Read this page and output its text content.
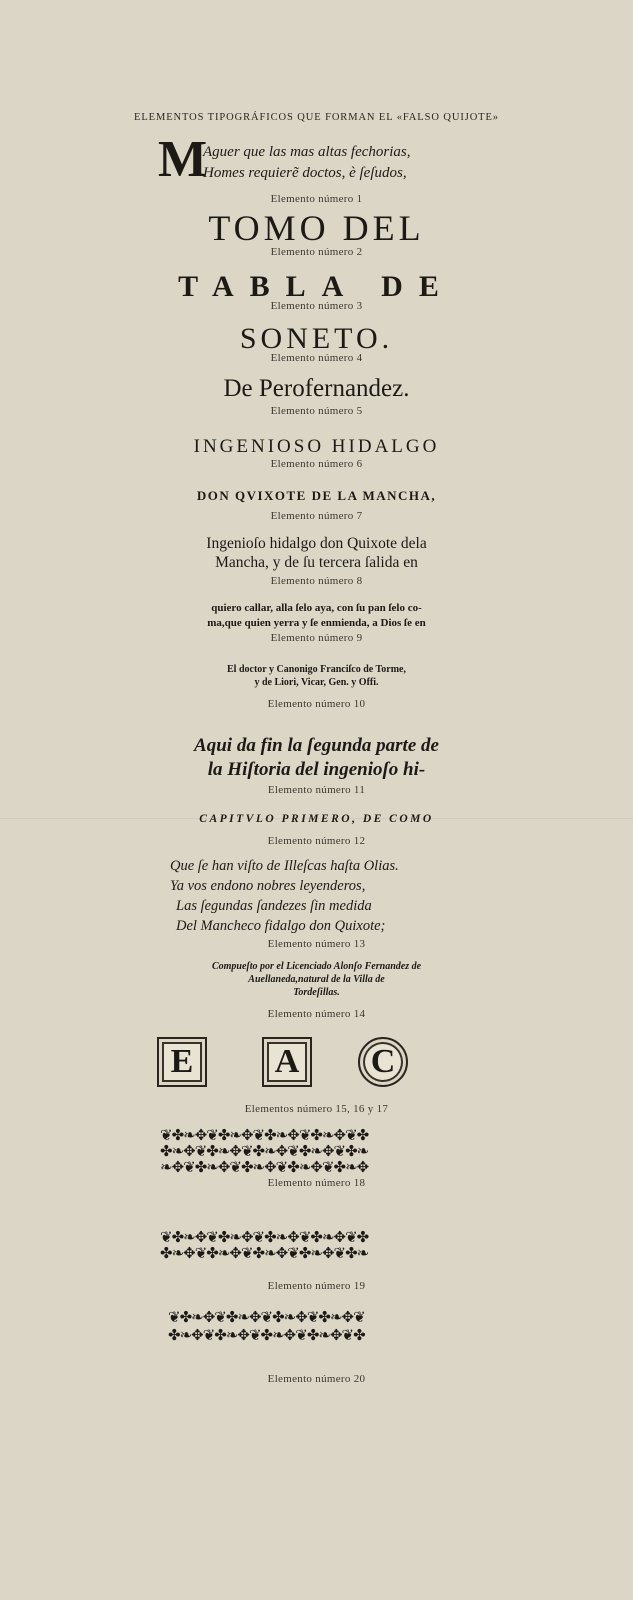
ELEMENTOS TIPOGRÁFICOS QUE FORMAN EL «FALSO QUIJOTE»
M
Aguer que las mas altas fechorias,
Homes requierẽ doctos, è ſeſudos,
Elemento número 1
TOMO DEL
Elemento número 2
TABLA DE
Elemento número 3
SONETO.
Elemento número 4
De Perofernandez.
Elemento número 5
INGENIOSO HIDALGO
Elemento número 6
DON QVIXOTE DE LA MANCHA,
Elemento número 7
Ingenioſo hidalgo don Quixote dela
Mancha, y de ſu tercera ſalida en
Elemento número 8
quiero callar, alla ſelo aya, con ſu pan ſelo co-
ma,que quien yerra y ſe enmienda, a Dios ſe en
Elemento número 9
El doctor y Canonigo Franciſco de Torme,
y de Liori, Vicar, Gen. y Offi.
Elemento número 10
Aqui da fin la ſegunda parte de
la Hiſtoria del ingenioſo hi-
Elemento número 11
CAPITVLO PRIMERO, DE COMO
Elemento número 12
Que ſe han viſto de Illeſcas haſta Olias.
Ya vos endono nobres leyenderos,
Las ſegundas ſandezes ſin medida
Del Mancheco fidalgo don Quixote;
Elemento número 13
Compueſto por el Licenciado Alonſo Fernandez de
Auellaneda,natural de la Villa de
Tordeſillas.
Elemento número 14
E	A	C
Elementos número 15, 16 y 17
❦✤❧✥❦✤❧✥❦✤❧✥❦✤❧✥❦✤
✤❧✥❦✤❧✥❦✤❧✥❦✤❧✥❦✤❧
❧✥❦✤❧✥❦✤❧✥❦✤❧✥❦✤❧✥
Elemento número 18
❦✤❧✥❦✤❧✥❦✤❧✥❦✤❧✥❦✤
✤❧✥❦✤❧✥❦✤❧✥❦✤❧✥❦✤❧
Elemento número 19
❦✤❧✥❦✤❧✥❦✤❧✥❦✤❧✥❦
✤❧✥❦✤❧✥❦✤❧✥❦✤❧✥❦✤
Elemento número 20
